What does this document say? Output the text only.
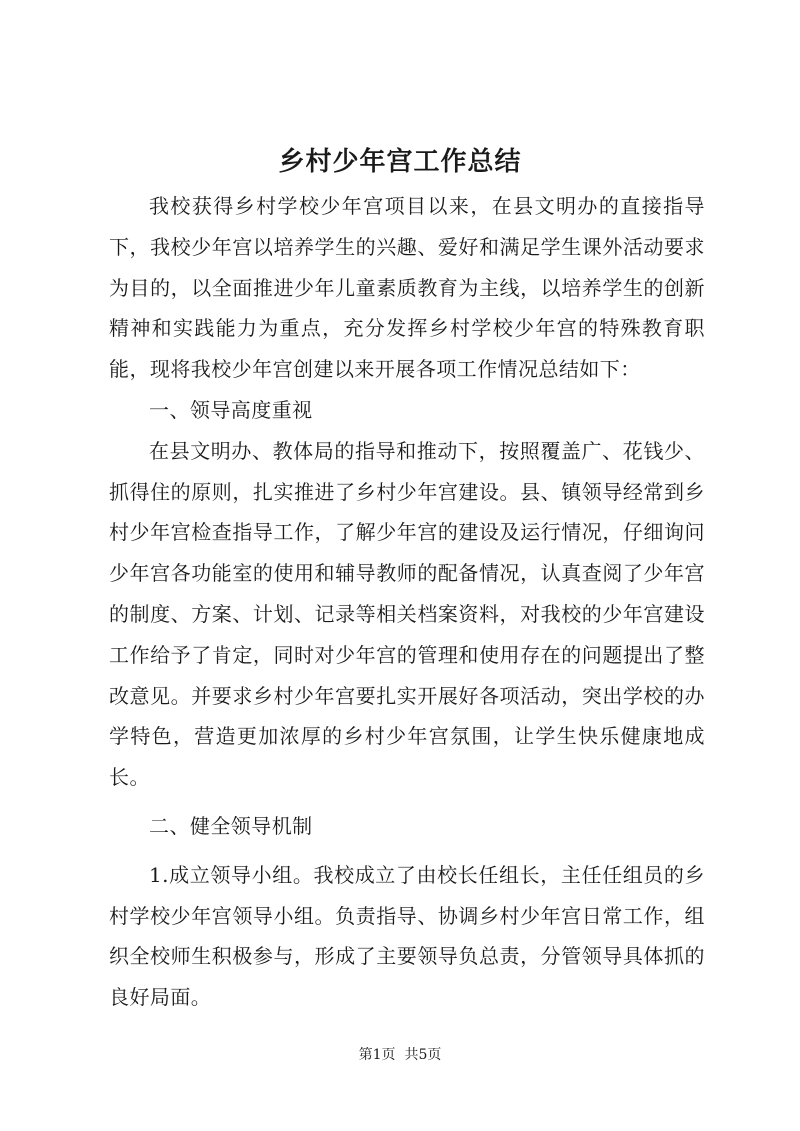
乡村少年宫工作总结

我校获得乡村学校少年宫项目以来，在县文明办的直接指导下，我校少年宫以培养学生的兴趣、爱好和满足学生课外活动要求为目的，以全面推进少年儿童素质教育为主线，以培养学生的创新精神和实践能力为重点，充分发挥乡村学校少年宫的特殊教育职能，现将我校少年宫创建以来开展各项工作情况总结如下：

一、领导高度重视

在县文明办、教体局的指导和推动下，按照覆盖广、花钱少、抓得住的原则，扎实推进了乡村少年宫建设。县、镇领导经常到乡村少年宫检查指导工作，了解少年宫的建设及运行情况，仔细询问少年宫各功能室的使用和辅导教师的配备情况，认真查阅了少年宫的制度、方案、计划、记录等相关档案资料，对我校的少年宫建设工作给予了肯定，同时对少年宫的管理和使用存在的问题提出了整改意见。并要求乡村少年宫要扎实开展好各项活动，突出学校的办学特色，营造更加浓厚的乡村少年宫氛围，让学生快乐健康地成长。

二、健全领导机制

1.成立领导小组。我校成立了由校长任组长，主任任组员的乡村学校少年宫领导小组。负责指导、协调乡村少年宫日常工作，组织全校师生积极参与，形成了主要领导负总责，分管领导具体抓的良好局面。

第1页  共5页
